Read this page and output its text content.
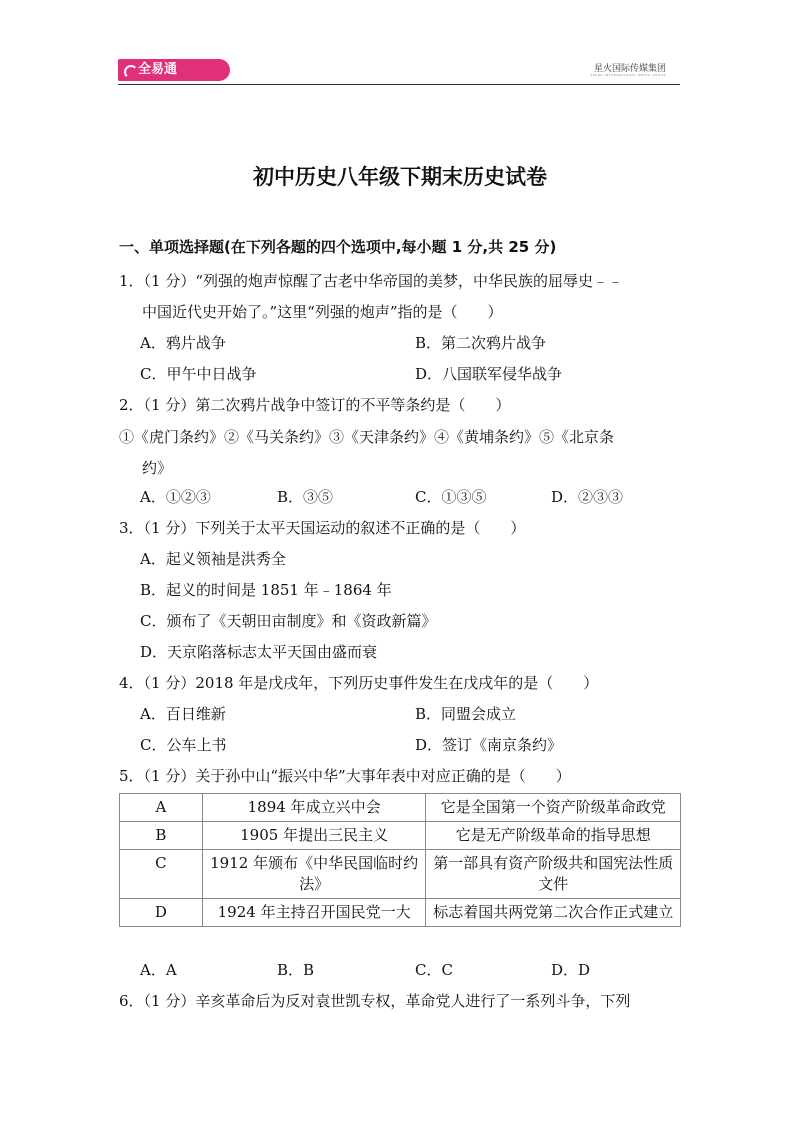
全易通	星火国际传媒集团
SPARK INTERNATIONAL MEDIA GROUP
初中历史八年级下期末历史试卷
一、单项选择题(在下列各题的四个选项中,每小题 1 分,共 25 分)
1．（1 分）“列强的炮声惊醒了古老中华帝国的美梦，中华民族的屈辱史﹣﹣
中国近代史开始了。”这里“列强的炮声”指的是（　　）
A．鸦片战争	B．第二次鸦片战争
C．甲午中日战争	D．八国联军侵华战争
2．（1 分）第二次鸦片战争中签订的不平等条约是（　　）
①《虎门条约》②《马关条约》③《天津条约》④《黄埔条约》⑤《北京条
约》
A．①②③	B．③⑤	C．①③⑤	D．②③③
3．（1 分）下列关于太平天国运动的叙述不正确的是（　　）
A．起义领袖是洪秀全
B．起义的时间是 1851 年﹣1864 年
C．颁布了《天朝田亩制度》和《资政新篇》
D．天京陷落标志太平天国由盛而衰
4．（1 分）2018 年是戊戌年，下列历史事件发生在戊戌年的是（　　）
A．百日维新	B．同盟会成立
C．公车上书	D．签订《南京条约》
5．（1 分）关于孙中山“振兴中华”大事年表中对应正确的是（　　）
A	1894 年成立兴中会	它是全国第一个资产阶级革命政党
B	1905 年提出三民主义	它是无产阶级革命的指导思想
C	1912 年颁布《中华民国临时约法》	第一部具有资产阶级共和国宪法性质文件
D	1924 年主持召开国民党一大	标志着国共两党第二次合作正式建立
A．A	B．B	C．C	D．D
6．（1 分）辛亥革命后为反对袁世凯专权，革命党人进行了一系列斗争，下列
